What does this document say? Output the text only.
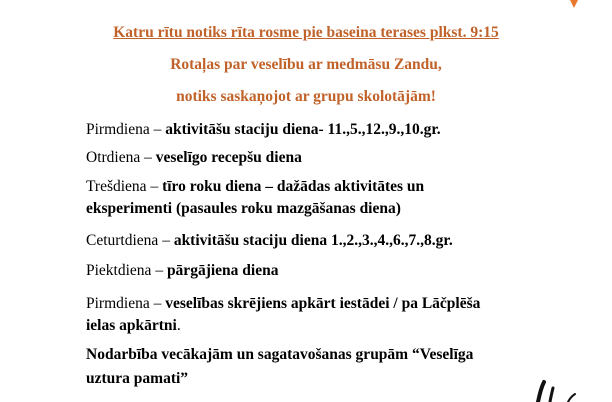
Katru rītu notiks rīta rosme pie baseina terases plkst. 9:15

Rotaļas par veselību ar medmāsu Zandu,

notiks saskaņojot ar grupu skolotājām!

Pirmdiena – aktivitāšu staciju diena- 11.,5.,12.,9.,10.gr.

Otrdiena – veselīgo recepšu diena

Trešdiena – tīro roku diena – dažādas aktivitātes un

eksperimenti (pasaules roku mazgāšanas diena)

Ceturtdiena – aktivitāšu staciju diena 1.,2.,3.,4.,6.,7.,8.gr.

Piektdiena – pārgājiena diena

Pirmdiena – veselības skrējiens apkārt iestādei / pa Lāčplēša

ielas apkārtni.

Nodarbība vecākajām un sagatavošanas grupām “Veselīga

uztura pamati”
